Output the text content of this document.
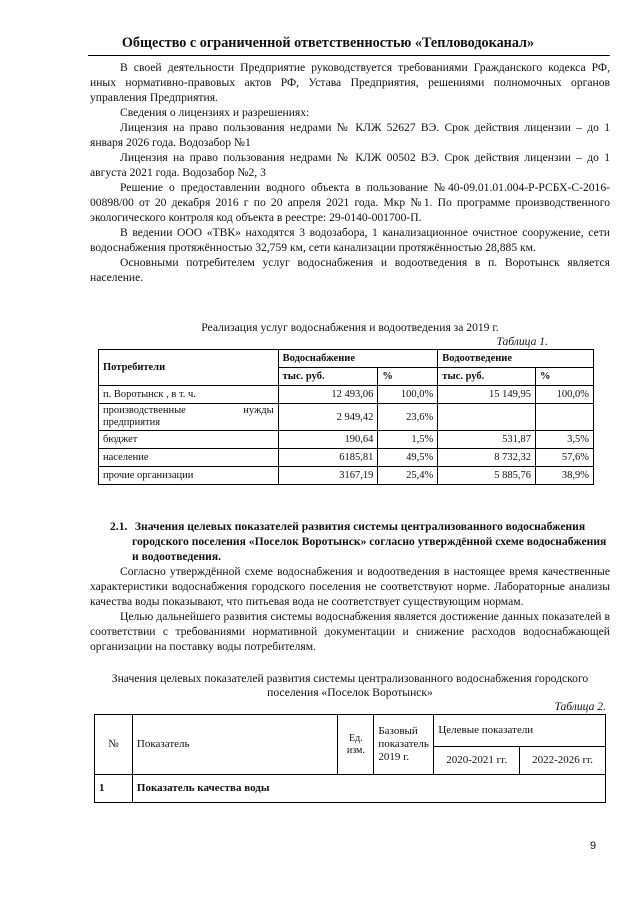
Общество с ограниченной ответственностью «Тепловодоканал»

В своей деятельности Предприятие руководствуется требованиями Гражданского кодекса РФ, иных нормативно-правовых актов РФ, Устава Предприятия, решениями полномочных органов управления Предприятия.

Сведения о лицензиях и разрешениях:

Лицензия на право пользования недрами № КЛЖ 52627 ВЭ. Срок действия лицензии – до 1 января 2026 года. Водозабор №1

Лицензия на право пользования недрами № КЛЖ 00502 ВЭ. Срок действия лицензии – до 1 августа 2021 года. Водозабор №2, 3

Решение о предоставлении водного объекта в пользование №40-09.01.01.004-Р-РСБХ-С-2016-00898/00 от 20 декабря 2016 г по 20 апреля 2021 года. Мкр №1. По программе производственного экологического контроля код объекта в реестре: 29-0140-001700-П.

В ведении ООО «ТВК» находятся 3 водозабора, 1 канализационное очистное сооружение, сети водоснабжения протяжённостью 32,759 км, сети канализации протяжённостью 28,885 км.

Основными потребителем услуг водоснабжения и водоотведения в п. Воротынск является население.

Реализация услуг водоснабжения и водоотведения за 2019 г.
Таблица 1.
Потребители	Водоснабжение		Водоотведение	
	тыс. руб.	%	тыс. руб.	%
п. Воротынск , в т. ч.	12 493,06	100,0%	15 149,95	100,0%
производственные нужды предприятия	2 949,42	23,6%		
бюджет	190,64	1,5%	531,87	3,5%
население	6185,81	49,5%	8 732,32	57,6%
прочие организации	3167,19	25,4%	5 885,76	38,9%
2.1. Значения целевых показателей развития системы централизованного водоснабжения городского поселения «Поселок Воротынск» согласно утверждённой схеме водоснабжения и водоотведения.

Согласно утверждённой схеме водоснабжения и водоотведения в настоящее время качественные характеристики водоснабжения городского поселения не соответствуют норме. Лабораторные анализы качества воды показывают, что питьевая вода не соответствует существующим нормам.

Целью дальнейшего развития системы водоснабжения является достижение данных показателей в соответствии с требованиями нормативной документации и снижение расходов водоснабжающей организации на поставку воды потребителям.

Значения целевых показателей развития системы централизованного водоснабжения городского поселения «Поселок Воротынск»
Таблица 2.
№	Показатель	Ед. изм.	Базовый показатель 2019 г.	Целевые показатели	
				2020-2021 гг.	2022-2026 гг.
1	Показатель качества воды				
9
